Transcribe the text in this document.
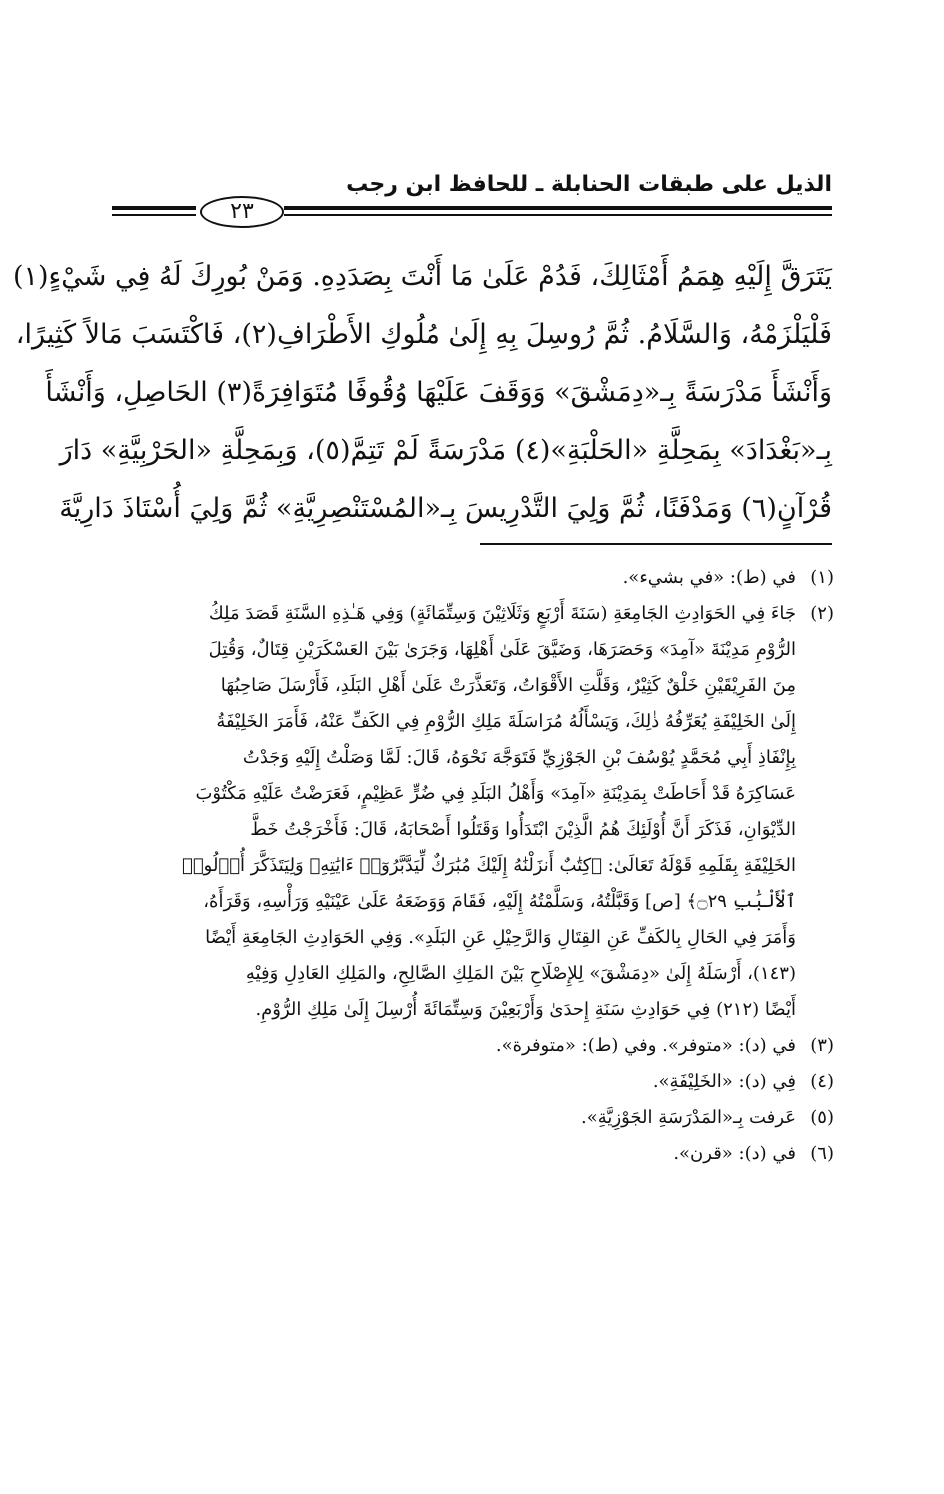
الذيل على طبقات الحنابلة ـ للحافظ ابن رجب
٢٣

يَتَرَقَّ إِلَيْهِ هِمَمُ أَمْثَالِكَ، فَدُمْ عَلَىٰ مَا أَنْتَ بِصَدَدِهِ. وَمَنْ بُورِكَ لَهُ فِي شَيْءٍ(١)

فَلْيَلْزَمْهُ، وَالسَّلَامُ. ثُمَّ رُوسِلَ بِهِ إِلَىٰ مُلُوكِ الأَطْرَافِ(٢)، فَاكْتَسَبَ مَالاً كَثِيرًا،

وَأَنْشَأَ مَدْرَسَةً بِـ«دِمَشْقَ» وَوَقَفَ عَلَيْهَا وُقُوفًا مُتَوَافِرَةً(٣) الحَاصِلِ، وَأَنْشَأَ

بِـ«بَغْدَادَ» بِمَحِلَّةِ «الحَلْبَةِ»(٤) مَدْرَسَةً لَمْ تَتِمَّ(٥)، وَبِمَحِلَّةِ «الحَرْبِيَّةِ» دَارَ

قُرْآنٍ(٦) وَمَدْفَنًا، ثُمَّ وَلِيَ التَّدْرِيسَ بِـ«المُسْتَنْصِرِيَّةِ» ثُمَّ وَلِيَ أُسْتَاذَ دَارِيَّةَ

(١)

في (ط): «في بشيء».

(٢)

جَاءَ فِي الحَوَادِثِ الجَامِعَةِ (سَنَةَ أَرْبَعٍ وَثَلَاثِيْنَ وَسِتِّمَائَةٍ) وَفِي هَـٰذِهِ السَّنَةِ قَصَدَ مَلِكُ

الرُّوْمِ مَدِيْنَةَ «آمِدَ» وَحَصَرَهَا، وَضَيَّقَ عَلَىٰ أَهْلِهَا، وَجَرَىٰ بَيْنَ العَسْكَرَيْنِ قِتَالٌ، وَقُتِلَ

مِنَ الفَرِيْقَيْنِ خَلْقٌ كَثِيْرٌ، وَقَلَّتِ الأَقْوَاتُ، وَتَعَذَّرَتْ عَلَىٰ أَهْلِ البَلَدِ، فَأَرْسَلَ صَاحِبُهَا

إِلَىٰ الخَلِيْفَةِ يُعَرِّفُهُ ذٰلِكَ، وَيَسْأَلُهُ مُرَاسَلَةَ مَلِكِ الرُّوْمِ فِي الكَفِّ عَنْهُ، فَأَمَرَ الخَلِيْفَةُ

بِإِنْفَاذِ أَبِي مُحَمَّدٍ يُوْسُفَ بْنِ الجَوْزِيِّ فَتَوَجَّهَ نَحْوَهُ، قَالَ: لَمَّا وَصَلْتُ إِلَيْهِ وَجَدْتُ

عَسَاكِرَهُ قَدْ أَحَاطَتْ بِمَدِيْنَةِ «آمِدَ» وَأَهْلُ البَلَدِ فِي ضُرٍّ عَظِيْمٍ، فَعَرَضْتُ عَلَيْهِ مَكْتُوْبَ

الدِّيْوَانِ، فَذَكَرَ أَنَّ أُوْلَئِكَ هُمُ الَّذِيْنَ ابْتَدَأُوا وَقَتَلُوا أَصْحَابَهُ، قَالَ: فَأَخْرَجْتُ خَطَّ

الخَلِيْفَةِ بِقَلَمِهِ قَوْلَهُ تَعَالَىٰ: ﴿كِتَٰبٌ أَنزَلْنَٰهُ إِلَيْكَ مُبَٰرَكٌ لِّيَدَّبَّرُوٓا۟ ءَايَٰتِهِۦ وَلِيَتَذَكَّرَ أُو۟لُوا۟

ٱلْأَلْبَٰبِ ۝٢٩﴾ [ص] وَقَبَّلْتُهُ، وَسَلَّمْتُهُ إِلَيْهِ، فَقَامَ وَوَضَعَهُ عَلَىٰ عَيْنَيْهِ وَرَأْسِهِ، وَقَرَأَهُ،

وَأَمَرَ فِي الحَالِ بِالكَفِّ عَنِ القِتَالِ وَالرَّحِيْلِ عَنِ البَلَدِ». وَفِي الحَوَادِثِ الجَامِعَةِ أَيْضًا

(١٤٣)، أَرْسَلَهُ إِلَىٰ «دِمَشْقَ» لِلإِصْلَاحِ بَيْنَ المَلِكِ الصَّالِحِ، والمَلِكِ العَادِلِ وَفِيْهِ

أَيْضًا (٢١٢) فِي حَوَادِثِ سَنَةِ إِحدَىٰ وَأَرْبَعِيْنَ وَسِتِّمَائَةَ أُرْسِلَ إِلَىٰ مَلِكِ الرُّوْمِ.

(٣)

في (د): «متوفر». وفي (ط): «متوفرة».

(٤)

فِي (د): «الخَلِيْفَةِ».

(٥)

عَرفت بِـ«المَدْرَسَةِ الجَوْزِيَّةِ».

(٦)

في (د): «قرن».
